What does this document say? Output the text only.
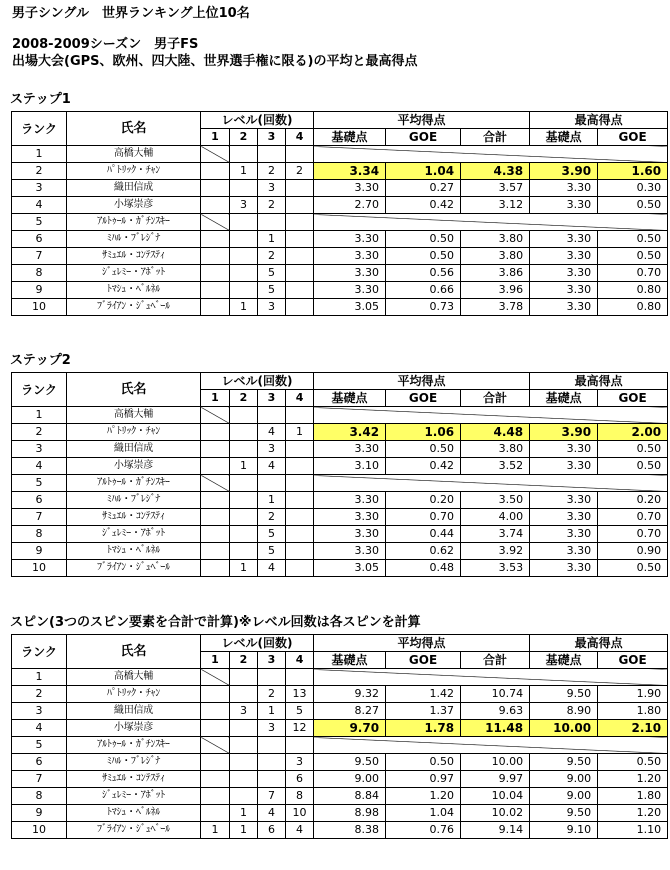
男子シングル　世界ランキング上位10名
2008-2009シーズン　男子FS
出場大会(GPS、欧州、四大陸、世界選手権に限る)の平均と最高得点
ステップ1
ランク	氏名	レベル(回数)				平均得点			最高得点	
		1	2	3	4	基礎点	GOE	合計	基礎点	GOE
1	高橋大輔									
2	ﾊﾟﾄﾘｯｸ・ﾁｬﾝ		1	2	2	3.34	1.04	4.38	3.90	1.60
3	織田信成			3		3.30	0.27	3.57	3.30	0.30
4	小塚崇彦		3	2		2.70	0.42	3.12	3.30	0.50
5	ｱﾙﾄｩｰﾙ・ｶﾞﾁﾝｽｷｰ									
6	ﾐﾊﾙ・ﾌﾞﾚｼﾞﾅ			1		3.30	0.50	3.80	3.30	0.50
7	ｻﾐｭｴﾙ・ｺﾝﾃｽﾃｨ			2		3.30	0.50	3.80	3.30	0.50
8	ｼﾞｪﾚﾐｰ・ｱﾎﾞｯﾄ			5		3.30	0.56	3.86	3.30	0.70
9	ﾄﾏｼｭ・ﾍﾞﾙﾈﾙ			5		3.30	0.66	3.96	3.30	0.80
10	ﾌﾞﾗｲｱﾝ・ｼﾞｭﾍﾞｰﾙ		1	3		3.05	0.73	3.78	3.30	0.80
ステップ2
ランク	氏名	レベル(回数)				平均得点			最高得点	
		1	2	3	4	基礎点	GOE	合計	基礎点	GOE
1	高橋大輔									
2	ﾊﾟﾄﾘｯｸ・ﾁｬﾝ			4	1	3.42	1.06	4.48	3.90	2.00
3	織田信成			3		3.30	0.50	3.80	3.30	0.50
4	小塚崇彦		1	4		3.10	0.42	3.52	3.30	0.50
5	ｱﾙﾄｩｰﾙ・ｶﾞﾁﾝｽｷｰ									
6	ﾐﾊﾙ・ﾌﾞﾚｼﾞﾅ			1		3.30	0.20	3.50	3.30	0.20
7	ｻﾐｭｴﾙ・ｺﾝﾃｽﾃｨ			2		3.30	0.70	4.00	3.30	0.70
8	ｼﾞｪﾚﾐｰ・ｱﾎﾞｯﾄ			5		3.30	0.44	3.74	3.30	0.70
9	ﾄﾏｼｭ・ﾍﾞﾙﾈﾙ			5		3.30	0.62	3.92	3.30	0.90
10	ﾌﾞﾗｲｱﾝ・ｼﾞｭﾍﾞｰﾙ		1	4		3.05	0.48	3.53	3.30	0.50
スピン(3つのスピン要素を合計で計算)※レベル回数は各スピンを計算
ランク	氏名	レベル(回数)				平均得点			最高得点	
		1	2	3	4	基礎点	GOE	合計	基礎点	GOE
1	高橋大輔									
2	ﾊﾟﾄﾘｯｸ・ﾁｬﾝ			2	13	9.32	1.42	10.74	9.50	1.90
3	織田信成		3	1	5	8.27	1.37	9.63	8.90	1.80
4	小塚崇彦			3	12	9.70	1.78	11.48	10.00	2.10
5	ｱﾙﾄｩｰﾙ・ｶﾞﾁﾝｽｷｰ									
6	ﾐﾊﾙ・ﾌﾞﾚｼﾞﾅ				3	9.50	0.50	10.00	9.50	0.50
7	ｻﾐｭｴﾙ・ｺﾝﾃｽﾃｨ				6	9.00	0.97	9.97	9.00	1.20
8	ｼﾞｪﾚﾐｰ・ｱﾎﾞｯﾄ			7	8	8.84	1.20	10.04	9.00	1.80
9	ﾄﾏｼｭ・ﾍﾞﾙﾈﾙ		1	4	10	8.98	1.04	10.02	9.50	1.20
10	ﾌﾞﾗｲｱﾝ・ｼﾞｭﾍﾞｰﾙ	1	1	6	4	8.38	0.76	9.14	9.10	1.10
